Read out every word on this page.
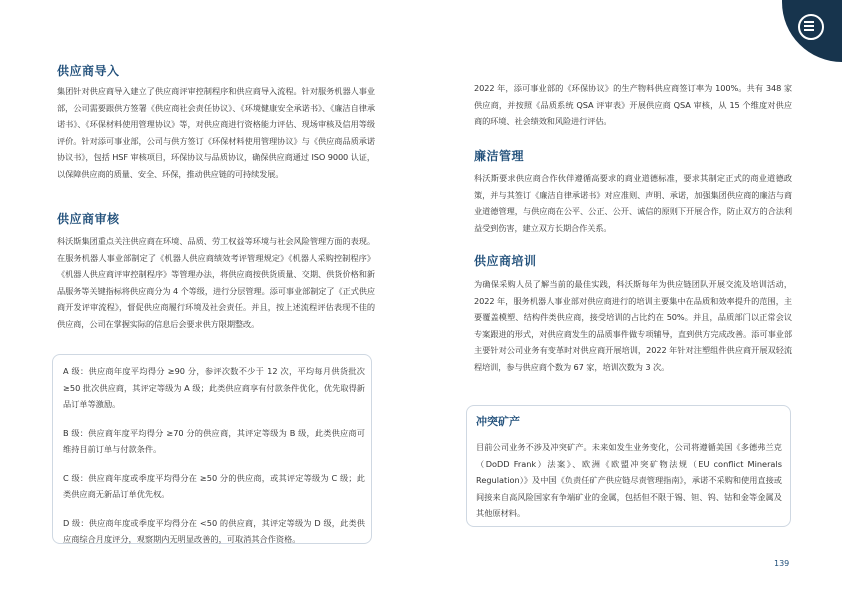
供应商导入

集团针对供应商导入建立了供应商评审控制程序和供应商导入流程。针对服务机器人事业部，公司需要跟供方签署《供应商社会责任协议》、《环境健康安全承诺书》、《廉洁自律承诺书》、《环保材料使用管理协议》等，对供应商进行资格能力评估、现场审核及信用等级评价。针对添可事业部，公司与供方签订《环保材料使用管理协议》与《供应商品质承诺协议书》，包括 HSF 审核项目，环保协议与品质协议，确保供应商通过 ISO 9000 认证，以保障供应商的质量、安全、环保，推动供应链的可持续发展。

供应商审核

科沃斯集团重点关注供应商在环境、品质、劳工权益等环境与社会风险管理方面的表现。在服务机器人事业部制定了《机器人供应商绩效考评管理规定》《机器人采购控制程序》《机器人供应商评审控制程序》等管理办法，将供应商按供货质量、交期、供货价格和新品服务等关键指标将供应商分为 4 个等级，进行分层管理。添可事业部制定了《正式供应商开发评审流程》，督促供应商履行环境及社会责任。并且，按上述流程评估表现不佳的供应商，公司在掌握实际的信息后会要求供方限期整改。

A 级：供应商年度平均得分 ≥90 分，参评次数不少于 12 次，平均每月供货批次 ≥50 批次供应商，其评定等级为 A 级；此类供应商享有付款条件优化，优先取得新品订单等激励。

B 级：供应商年度平均得分 ≥70 分的供应商，其评定等级为 B 级，此类供应商可维持目前订单与付款条件。

C 级：供应商年度或季度平均得分在 ≥50 分的供应商，或其评定等级为 C 级；此类供应商无新品订单优先权。

D 级：供应商年度或季度平均得分在 <50 的供应商，其评定等级为 D 级，此类供应商综合月度评分，观察期内无明显改善的，可取消其合作资格。

2022 年，添可事业部的《环保协议》的生产物料供应商签订率为 100%。共有 348 家供应商，并按照《品质系统 QSA 评审表》开展供应商 QSA 审核，从 15 个维度对供应商的环境、社会绩效和风险进行评估。

廉洁管理

科沃斯要求供应商合作伙伴遵循高要求的商业道德标准，要求其制定正式的商业道德政策，并与其签订《廉洁自律承诺书》对应准则、声明、承诺，加强集团供应商的廉洁与商业道德管理，与供应商在公平、公正、公开、诚信的原则下开展合作，防止双方的合法利益受到伤害，建立双方长期合作关系。

供应商培训

为确保采购人员了解当前的最佳实践，科沃斯每年为供应链团队开展交流及培训活动，2022 年，服务机器人事业部对供应商进行的培训主要集中在品质和效率提升的范围，主要覆盖模塑、结构件类供应商，接受培训的占比约在 50%。并且，品质部门以正常会议专案跟进的形式，对供应商发生的品质事件做专项辅导，直到供方完成改善。添可事业部主要针对公司业务有变革时对供应商开展培训，2022 年针对注塑组件供应商开展双轻流程培训，参与供应商个数为 67 家，培训次数为 3 次。

冲突矿产

目前公司业务不涉及冲突矿产。未来如发生业务变化，公司将遵循美国《多德弗兰克（DoDD Frank）法案》、欧洲《欧盟冲突矿物法规（EU conflict Minerals Regulation）》及中国《负责任矿产供应链尽责管理指南》，承诺不采购和使用直接或间接来自高风险国家有争端矿业的金属，包括但不限于锡、钽、钨、钴和金等金属及其他原材料。

139
